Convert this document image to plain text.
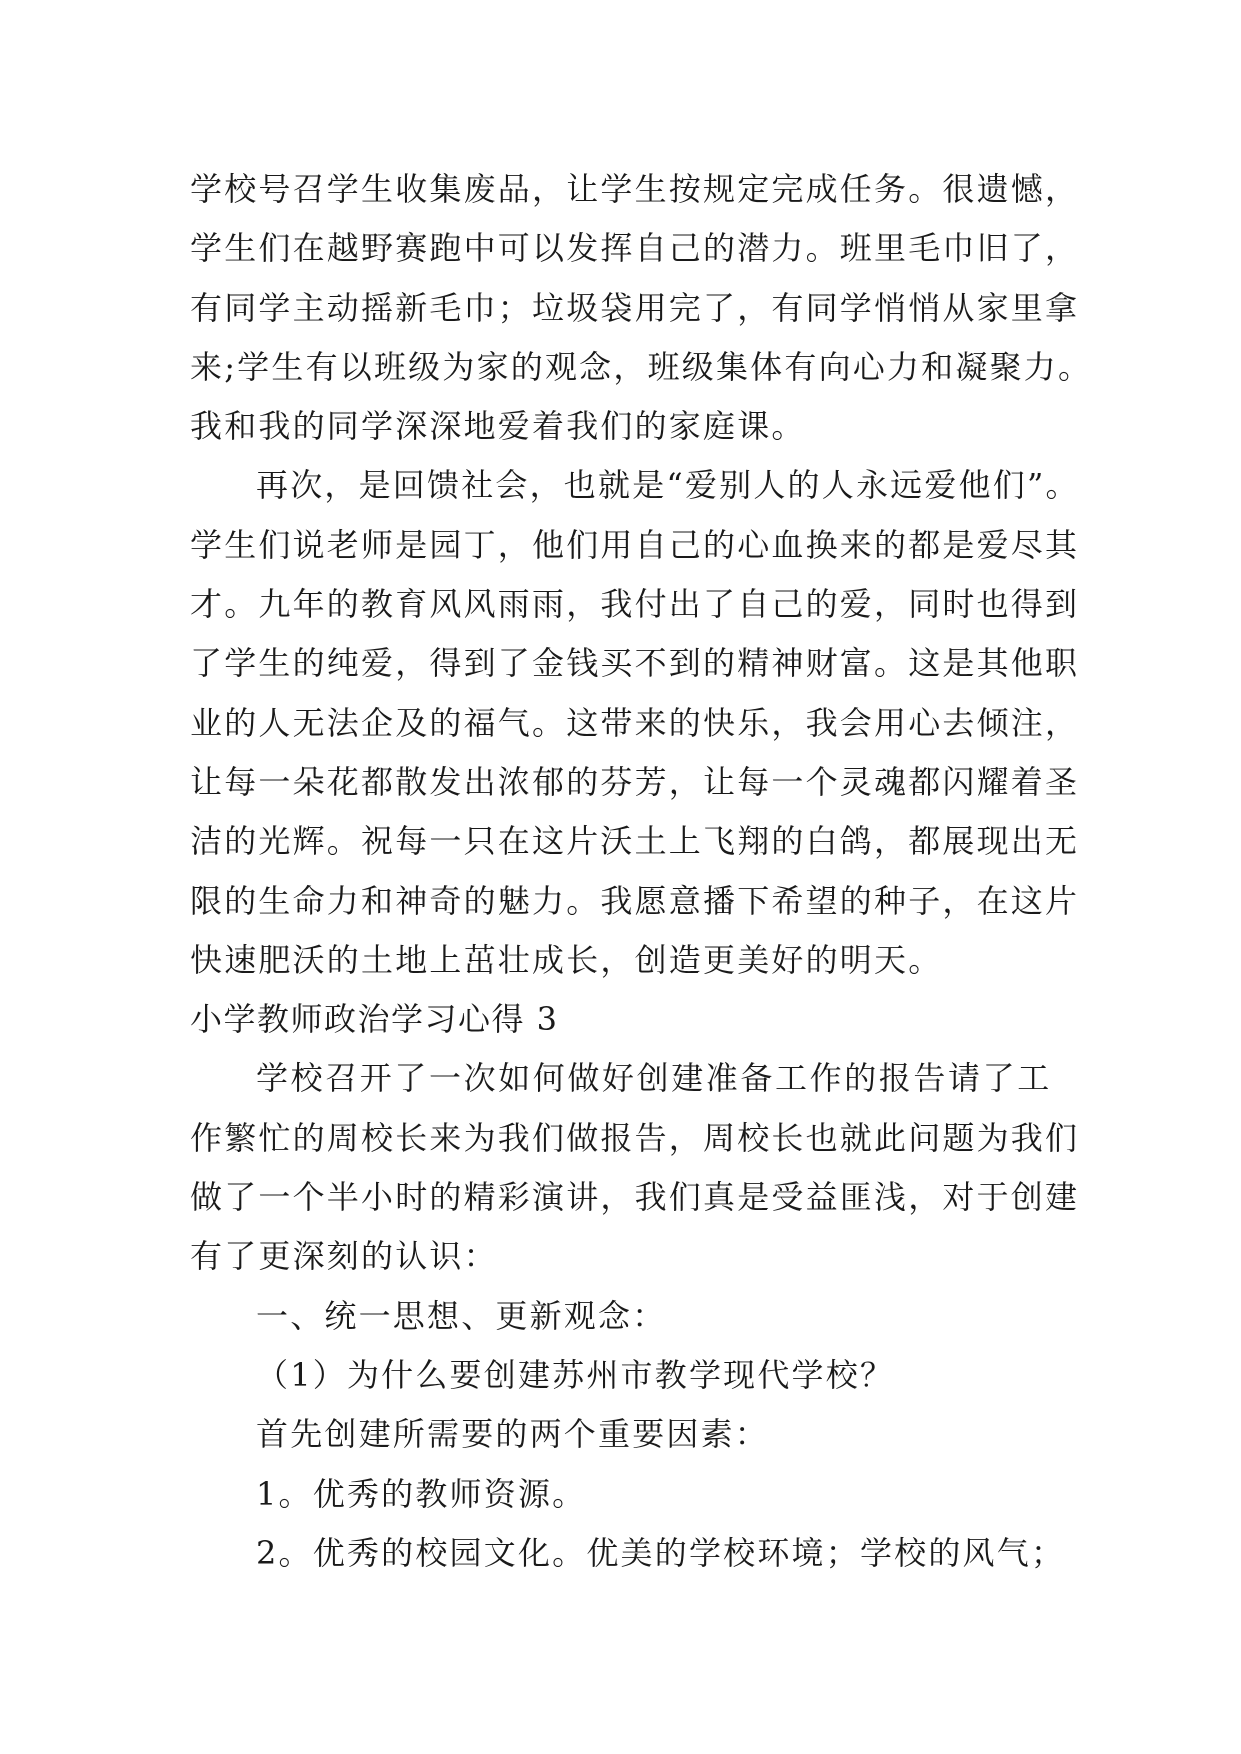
学校号召学生收集废品，让学生按规定完成任务。很遗憾，
学生们在越野赛跑中可以发挥自己的潜力。班里毛巾旧了，
有同学主动摇新毛巾；垃圾袋用完了，有同学悄悄从家里拿
来;学生有以班级为家的观念，班级集体有向心力和凝聚力。
我和我的同学深深地爱着我们的家庭课。
再次，是回馈社会，也就是“爱别人的人永远爱他们”。
学生们说老师是园丁，他们用自己的心血换来的都是爱尽其
才。九年的教育风风雨雨，我付出了自己的爱，同时也得到
了学生的纯爱，得到了金钱买不到的精神财富。这是其他职
业的人无法企及的福气。这带来的快乐，我会用心去倾注，
让每一朵花都散发出浓郁的芬芳，让每一个灵魂都闪耀着圣
洁的光辉。祝每一只在这片沃土上飞翔的白鸽，都展现出无
限的生命力和神奇的魅力。我愿意播下希望的种子，在这片
快速肥沃的土地上茁壮成长，创造更美好的明天。
小学教师政治学习心得 3
学校召开了一次如何做好创建准备工作的报告请了工
作繁忙的周校长来为我们做报告，周校长也就此问题为我们
做了一个半小时的精彩演讲，我们真是受益匪浅，对于创建
有了更深刻的认识：
一、统一思想、更新观念：
（1）为什么要创建苏州市教学现代学校？
首先创建所需要的两个重要因素：
1。优秀的教师资源。
2。优秀的校园文化。优美的学校环境；学校的风气；
